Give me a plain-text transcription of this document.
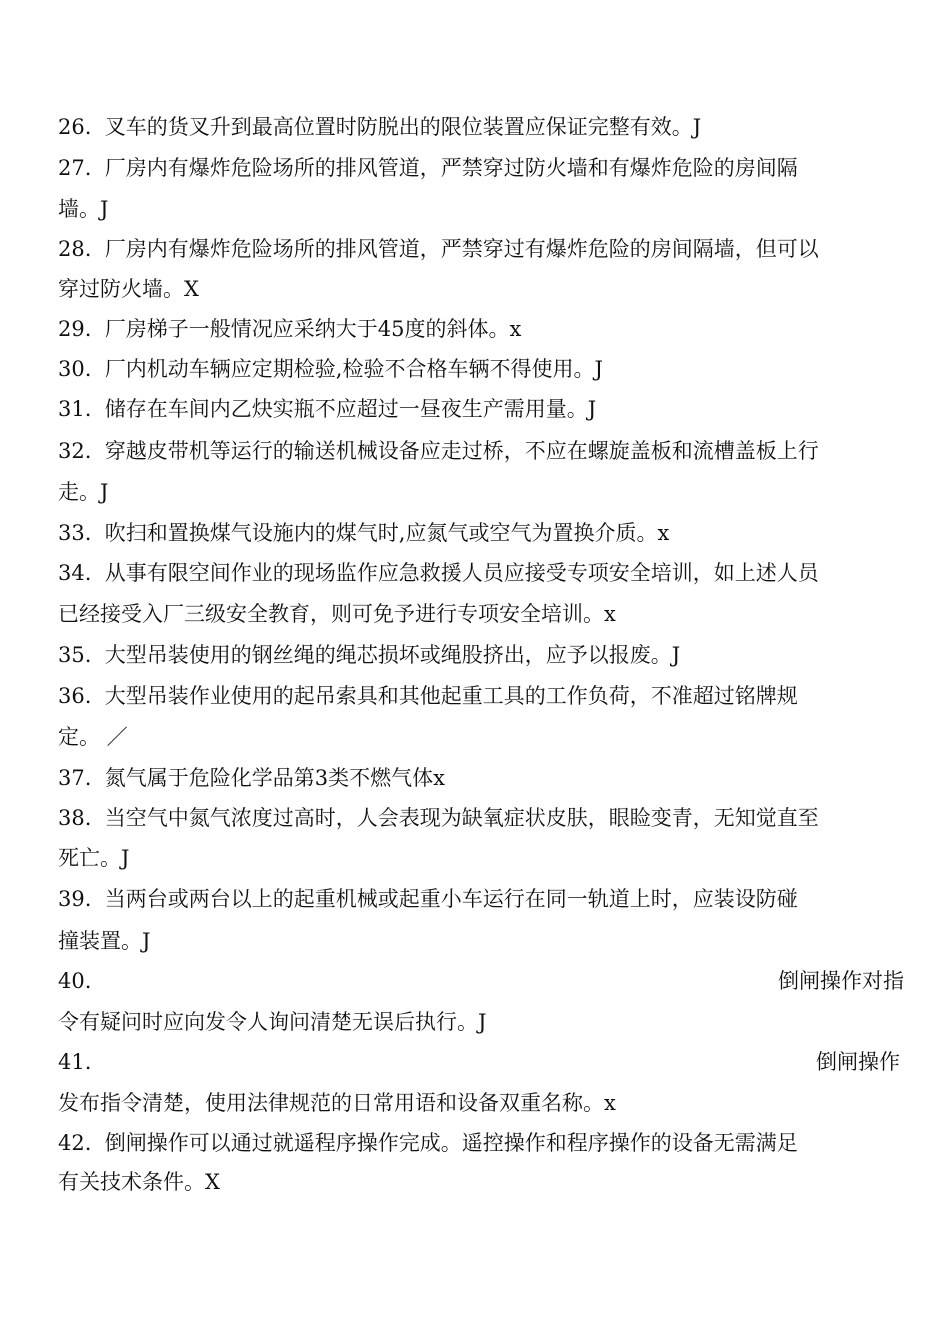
26. 叉车的货叉升到最高位置时防脱出的限位装置应保证完整有效。J
27. 厂房内有爆炸危险场所的排风管道，严禁穿过防火墙和有爆炸危险的房间隔
墙。J
28. 厂房内有爆炸危险场所的排风管道，严禁穿过有爆炸危险的房间隔墙，但可以
穿过防火墙。X
29. 厂房梯子一般情况应采纳大于45度的斜体。x
30. 厂内机动车辆应定期检验,检验不合格车辆不得使用。J
31. 储存在车间内乙炔实瓶不应超过一昼夜生产需用量。J
32. 穿越皮带机等运行的输送机械设备应走过桥，不应在螺旋盖板和流槽盖板上行
走。J
33. 吹扫和置换煤气设施内的煤气时,应氮气或空气为置换介质。x
34. 从事有限空间作业的现场监作应急救援人员应接受专项安全培训，如上述人员
已经接受入厂三级安全教育，则可免予进行专项安全培训。x
35. 大型吊装使用的钢丝绳的绳芯损坏或绳股挤出，应予以报废。J
36. 大型吊装作业使用的起吊索具和其他起重工具的工作负荷，不准超过铭牌规
定。 ／
37. 氮气属于危险化学品第3类不燃气体x
38. 当空气中氮气浓度过高时，人会表现为缺氧症状皮肤，眼睑变青，无知觉直至
死亡。J
39. 当两台或两台以上的起重机械或起重小车运行在同一轨道上时，应装设防碰
撞装置。J
40.	倒闸操作对指
令有疑问时应向发令人询问清楚无误后执行。J
41.	倒闸操作
发布指令清楚，使用法律规范的日常用语和设备双重名称。x
42. 倒闸操作可以通过就遥程序操作完成。遥控操作和程序操作的设备无需满足
有关技术条件。X
